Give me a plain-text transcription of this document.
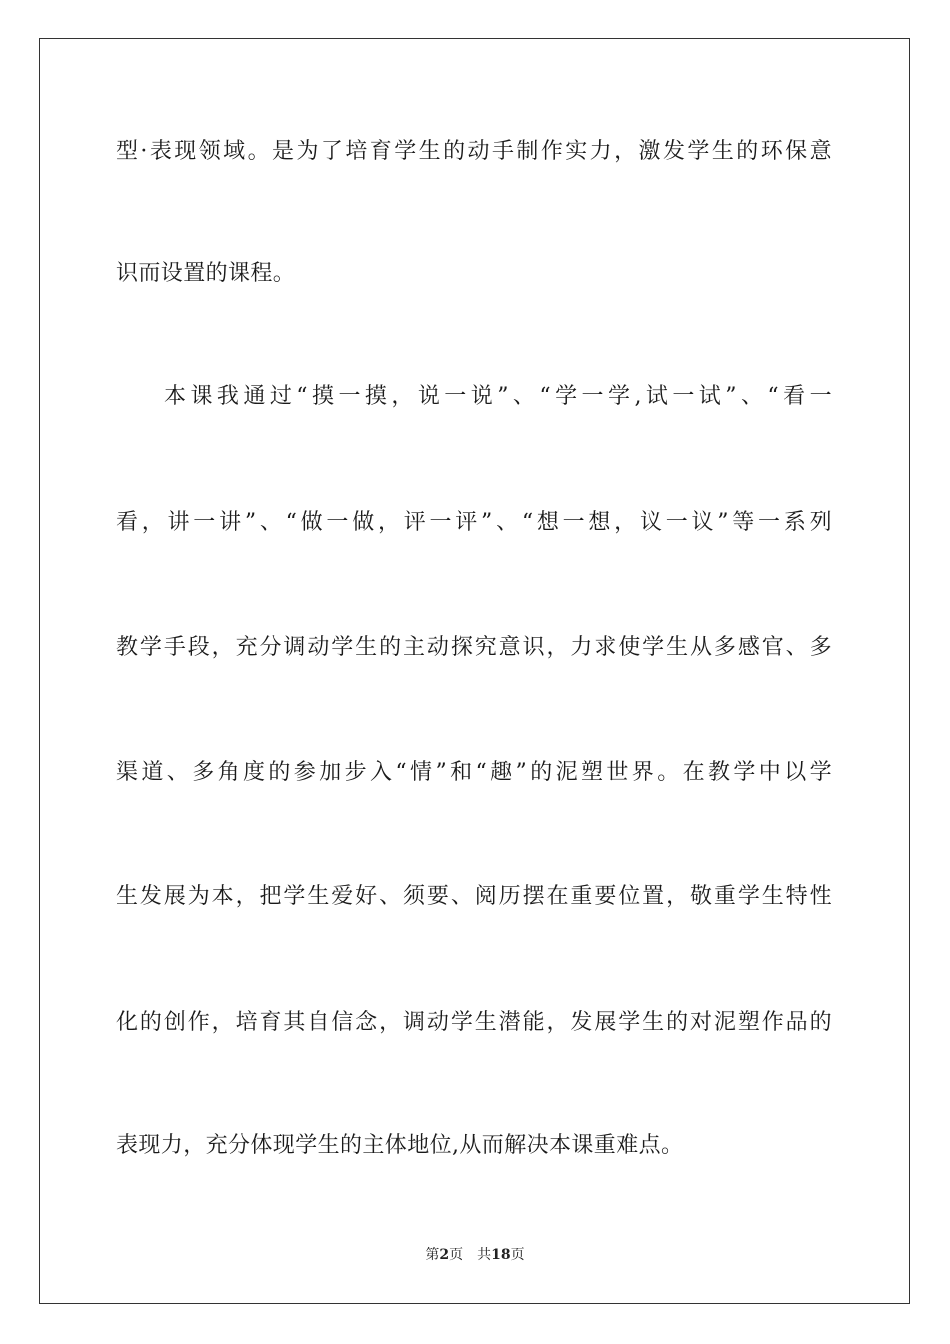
型·表现领域。是为了培育学生的动手制作实力，激发学生的环保意
识而设置的课程。
本课我通过“摸一摸，说一说”、“学一学,试一试”、“看一
看，讲一讲”、“做一做，评一评”、“想一想，议一议”等一系列
教学手段，充分调动学生的主动探究意识，力求使学生从多感官、多
渠道、多角度的参加步入“情”和“趣”的泥塑世界。在教学中以学
生发展为本，把学生爱好、须要、阅历摆在重要位置，敬重学生特性
化的创作，培育其自信念，调动学生潜能，发展学生的对泥塑作品的
表现力，充分体现学生的主体地位,从而解决本课重难点。
第2页 共18页
